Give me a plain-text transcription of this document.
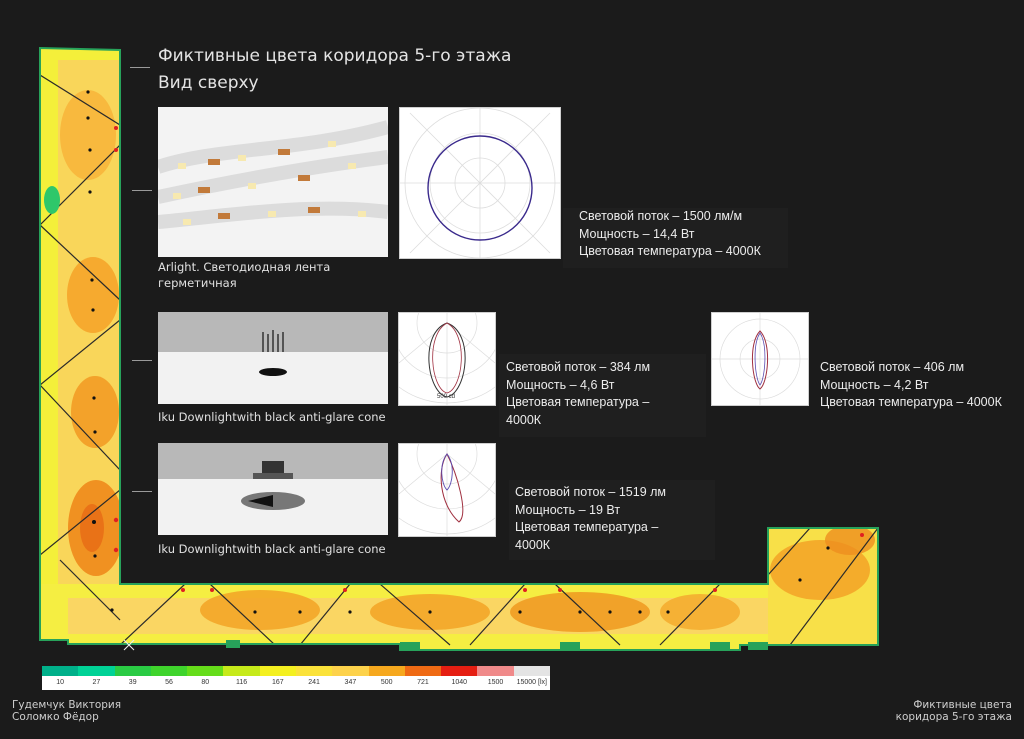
Фиктивные цвета коридора 5-го этажа
Вид сверху
Arlight. Светодиодная лента
герметичная
Световой поток – 1500 лм/м
Мощность – 14,4 Вт
Цветовая температура – 4000К
500 cd
Iku Downlightwith black anti-glare cone
Световой поток – 384 лм
Мощность – 4,6 Вт
Цветовая температура –
4000К
Световой поток – 406 лм
Мощность – 4,2 Вт
Цветовая температура – 4000К
Iku Downlightwith black anti-glare cone
Световой поток – 1519 лм
Мощность – 19 Вт
Цветовая температура –
4000К
10	27	39	56	80	116	167	241	347	500	721	1040	1500	15000 [lx]
Гудемчук Виктория
Соломко Фёдор
Фиктивные цвета
коридора 5-го этажа
